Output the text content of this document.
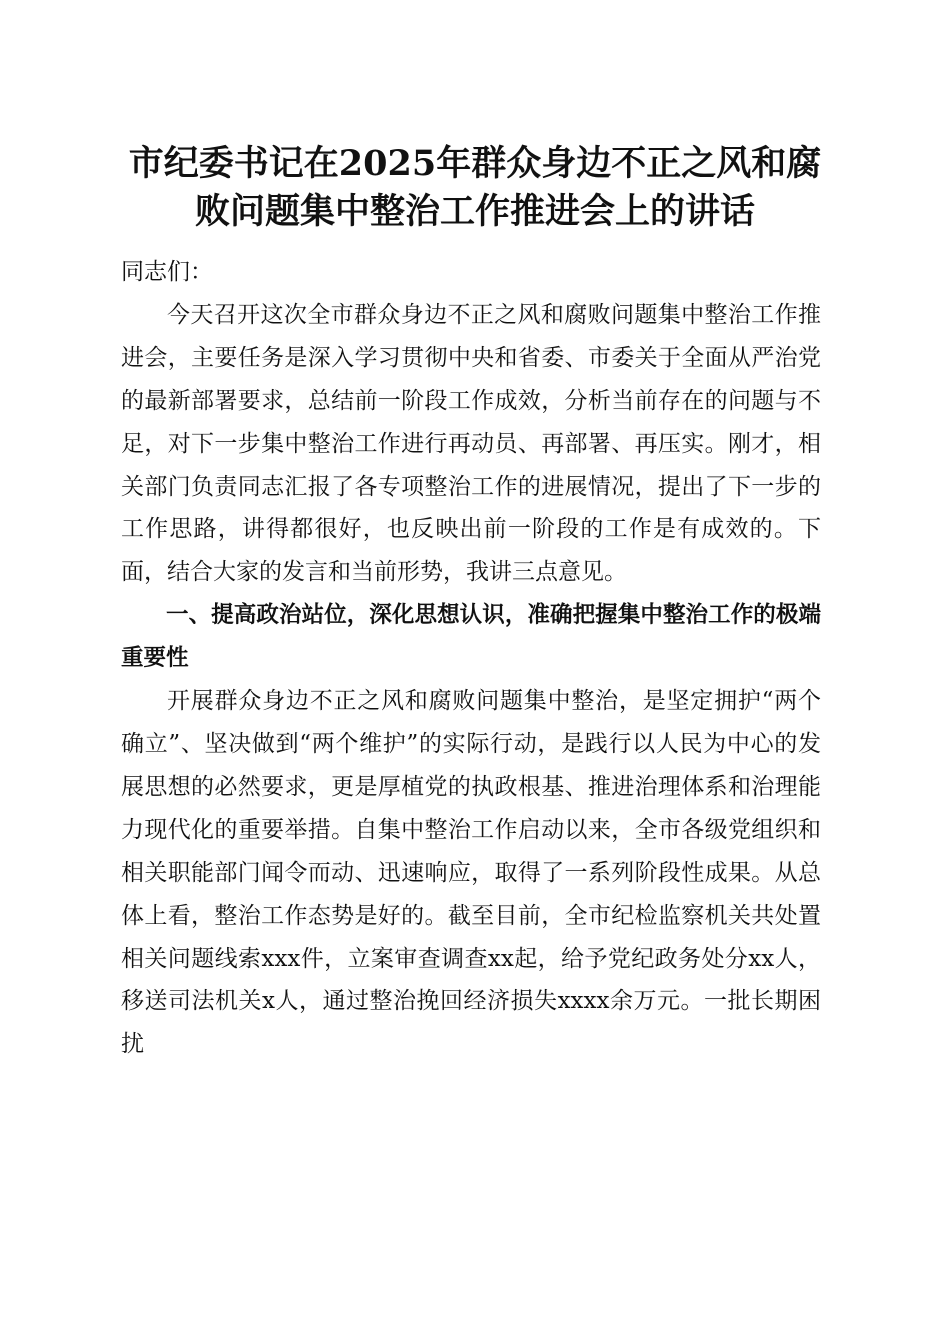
市纪委书记在2025年群众身边不正之风和腐
败问题集中整治工作推进会上的讲话

同志们：

今天召开这次全市群众身边不正之风和腐败问题集中整治工作推进会，主要任务是深入学习贯彻中央和省委、市委关于全面从严治党的最新部署要求，总结前一阶段工作成效，分析当前存在的问题与不足，对下一步集中整治工作进行再动员、再部署、再压实。刚才，相关部门负责同志汇报了各专项整治工作的进展情况，提出了下一步的工作思路，讲得都很好，也反映出前一阶段的工作是有成效的。下面，结合大家的发言和当前形势，我讲三点意见。

一、提高政治站位，深化思想认识，准确把握集中整治工作的极端重要性

开展群众身边不正之风和腐败问题集中整治，是坚定拥护“两个确立”、坚决做到“两个维护”的实际行动，是践行以人民为中心的发展思想的必然要求，更是厚植党的执政根基、推进治理体系和治理能力现代化的重要举措。自集中整治工作启动以来，全市各级党组织和相关职能部门闻令而动、迅速响应，取得了一系列阶段性成果。从总体上看，整治工作态势是好的。截至目前，全市纪检监察机关共处置相关问题线索xxx件，立案审查调查xx起，给予党纪政务处分xx人，移送司法机关x人，通过整治挽回经济损失xxxx余万元。一批长期困扰
